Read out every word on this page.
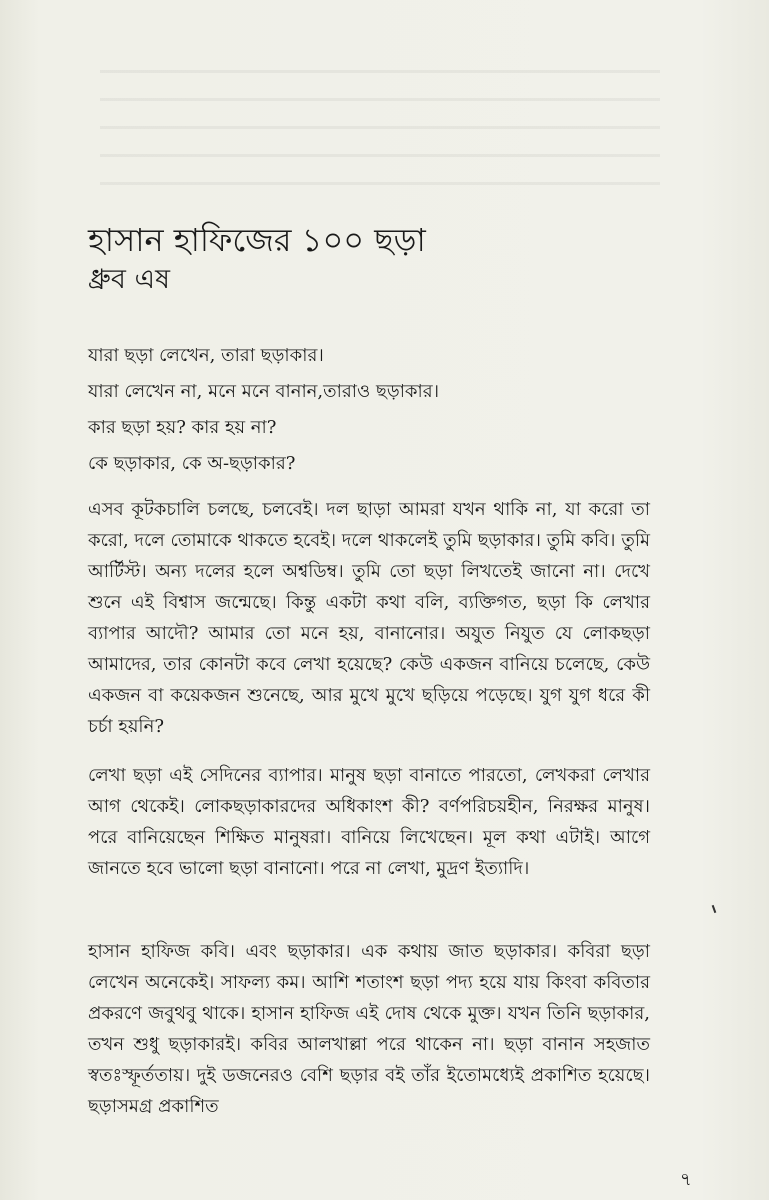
হাসান হাফিজের ১০০ ছড়া
ধ্রুব এষ
যারা ছড়া লেখেন, তারা ছড়াকার।
যারা লেখেন না, মনে মনে বানান,তারাও ছড়াকার।
কার ছড়া হয়? কার হয় না?
কে ছড়াকার, কে অ-ছড়াকার?

এসব কূটকচালি চলছে, চলবেই। দল ছাড়া আমরা যখন থাকি না, যা করো তা করো, দলে তোমাকে থাকতে হবেই। দলে থাকলেই তুমি ছড়াকার। তুমি কবি। তুমি আর্টিস্ট। অন্য দলের হলে অশ্বডিম্ব। তুমি তো ছড়া লিখতেই জানো না। দেখে শুনে এই বিশ্বাস জন্মেছে। কিন্তু একটা কথা বলি, ব্যক্তিগত, ছড়া কি লেখার ব্যাপার আদৌ? আমার তো মনে হয়, বানানোর। অযুত নিযুত যে লোকছড়া আমাদের, তার কোনটা কবে লেখা হয়েছে? কেউ একজন বানিয়ে চলেছে, কেউ একজন বা কয়েকজন শুনেছে, আর মুখে মুখে ছড়িয়ে পড়েছে। যুগ যুগ ধরে কী চর্চা হয়নি?

লেখা ছড়া এই সেদিনের ব্যাপার। মানুষ ছড়া বানাতে পারতো, লেখকরা লেখার আগ থেকেই। লোকছড়াকারদের অধিকাংশ কী? বর্ণপরিচয়হীন, নিরক্ষর মানুষ। পরে বানিয়েছেন শিক্ষিত মানুষরা। বানিয়ে লিখেছেন। মূল কথা এটাই। আগে জানতে হবে ভালো ছড়া বানানো। পরে না লেখা, মুদ্রণ ইত্যাদি।

হাসান হাফিজ কবি। এবং ছড়াকার। এক কথায় জাত ছড়াকার। কবিরা ছড়া লেখেন অনেকেই। সাফল্য কম। আশি শতাংশ ছড়া পদ্য হয়ে যায় কিংবা কবিতার প্রকরণে জবুথবু থাকে। হাসান হাফিজ এই দোষ থেকে মুক্ত। যখন তিনি ছড়াকার, তখন শুধু ছড়াকারই। কবির আলখাল্লা পরে থাকেন না। ছড়া বানান সহজাত স্বতঃস্ফূর্ততায়। দুই ডজনেরও বেশি ছড়ার বই তাঁর ইতোমধ্যেই প্রকাশিত হয়েছে। ছড়াসমগ্র প্রকাশিত

৭
